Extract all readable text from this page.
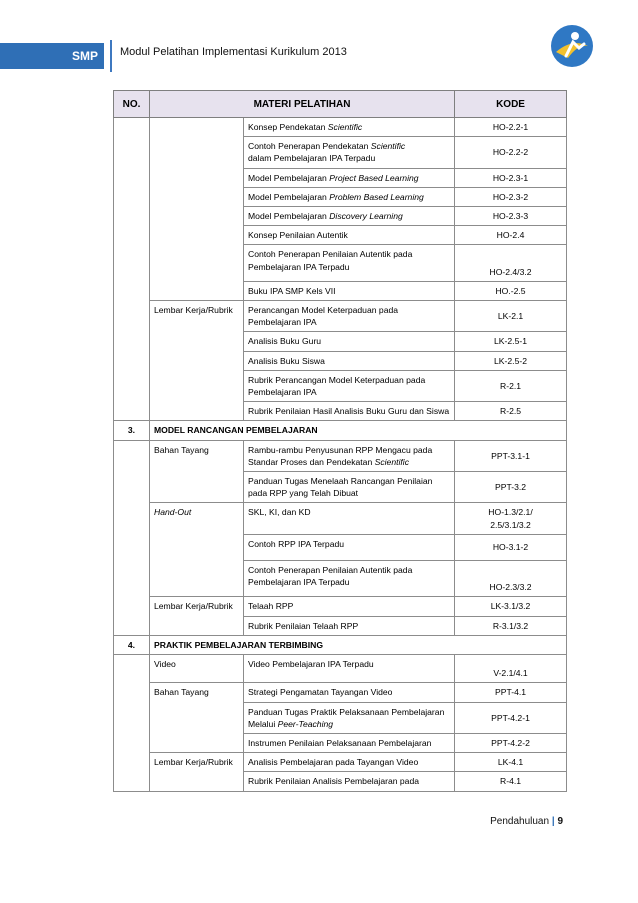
SMP	Modul Pelatihan Implementasi Kurikulum 2013
NO.	MATERI PELATIHAN		KODE
		Konsep Pendekatan Scientific	HO-2.2-1
		Contoh Penerapan Pendekatan Scientific
dalam Pembelajaran IPA Terpadu	HO-2.2-2
		Model Pembelajaran Project Based Learning	HO-2.3-1
		Model Pembelajaran Problem Based Learning	HO-2.3-2
		Model Pembelajaran Discovery Learning	HO-2.3-3
		Konsep Penilaian Autentik	HO-2.4
		Contoh Penerapan Penilaian Autentik pada Pembelajaran IPA Terpadu	HO-2.4/3.2
		Buku IPA SMP Kels VII	HO.-2.5
	Lembar Kerja/Rubrik	Perancangan Model Keterpaduan pada Pembelajaran IPA	LK-2.1
		Analisis Buku Guru	LK-2.5-1
		Analisis Buku Siswa	LK-2.5-2
		Rubrik Perancangan Model Keterpaduan pada Pembelajaran IPA	R-2.1
		Rubrik Penilaian Hasil Analisis Buku Guru dan Siswa	R-2.5
3.	MODEL RANCANGAN PEMBELAJARAN		
	Bahan Tayang	Rambu-rambu Penyusunan RPP Mengacu pada Standar Proses dan Pendekatan Scientific	PPT-3.1-1
		Panduan Tugas Menelaah Rancangan Penilaian pada RPP yang Telah Dibuat	PPT-3.2
	Hand-Out	SKL, KI, dan KD	HO-1.3/2.1/ 2.5/3.1/3.2
		Contoh RPP IPA Terpadu	HO-3.1-2
		Contoh Penerapan Penilaian Autentik pada Pembelajaran IPA Terpadu	HO-2.3/3.2
	Lembar Kerja/Rubrik	Telaah RPP	LK-3.1/3.2
		Rubrik Penilaian Telaah RPP	R-3.1/3.2
4.	PRAKTIK PEMBELAJARAN TERBIMBING		
	Video	Video Pembelajaran IPA Terpadu	V-2.1/4.1
	Bahan Tayang	Strategi Pengamatan Tayangan Video	PPT-4.1
		Panduan Tugas Praktik Pelaksanaan Pembelajaran Melalui Peer-Teaching	PPT-4.2-1
		Instrumen Penilaian Pelaksanaan Pembelajaran	PPT-4.2-2
	Lembar Kerja/Rubrik	Analisis Pembelajaran pada Tayangan Video	LK-4.1
		Rubrik Penilaian Analisis Pembelajaran pada	R-4.1
Pendahuluan | 9
